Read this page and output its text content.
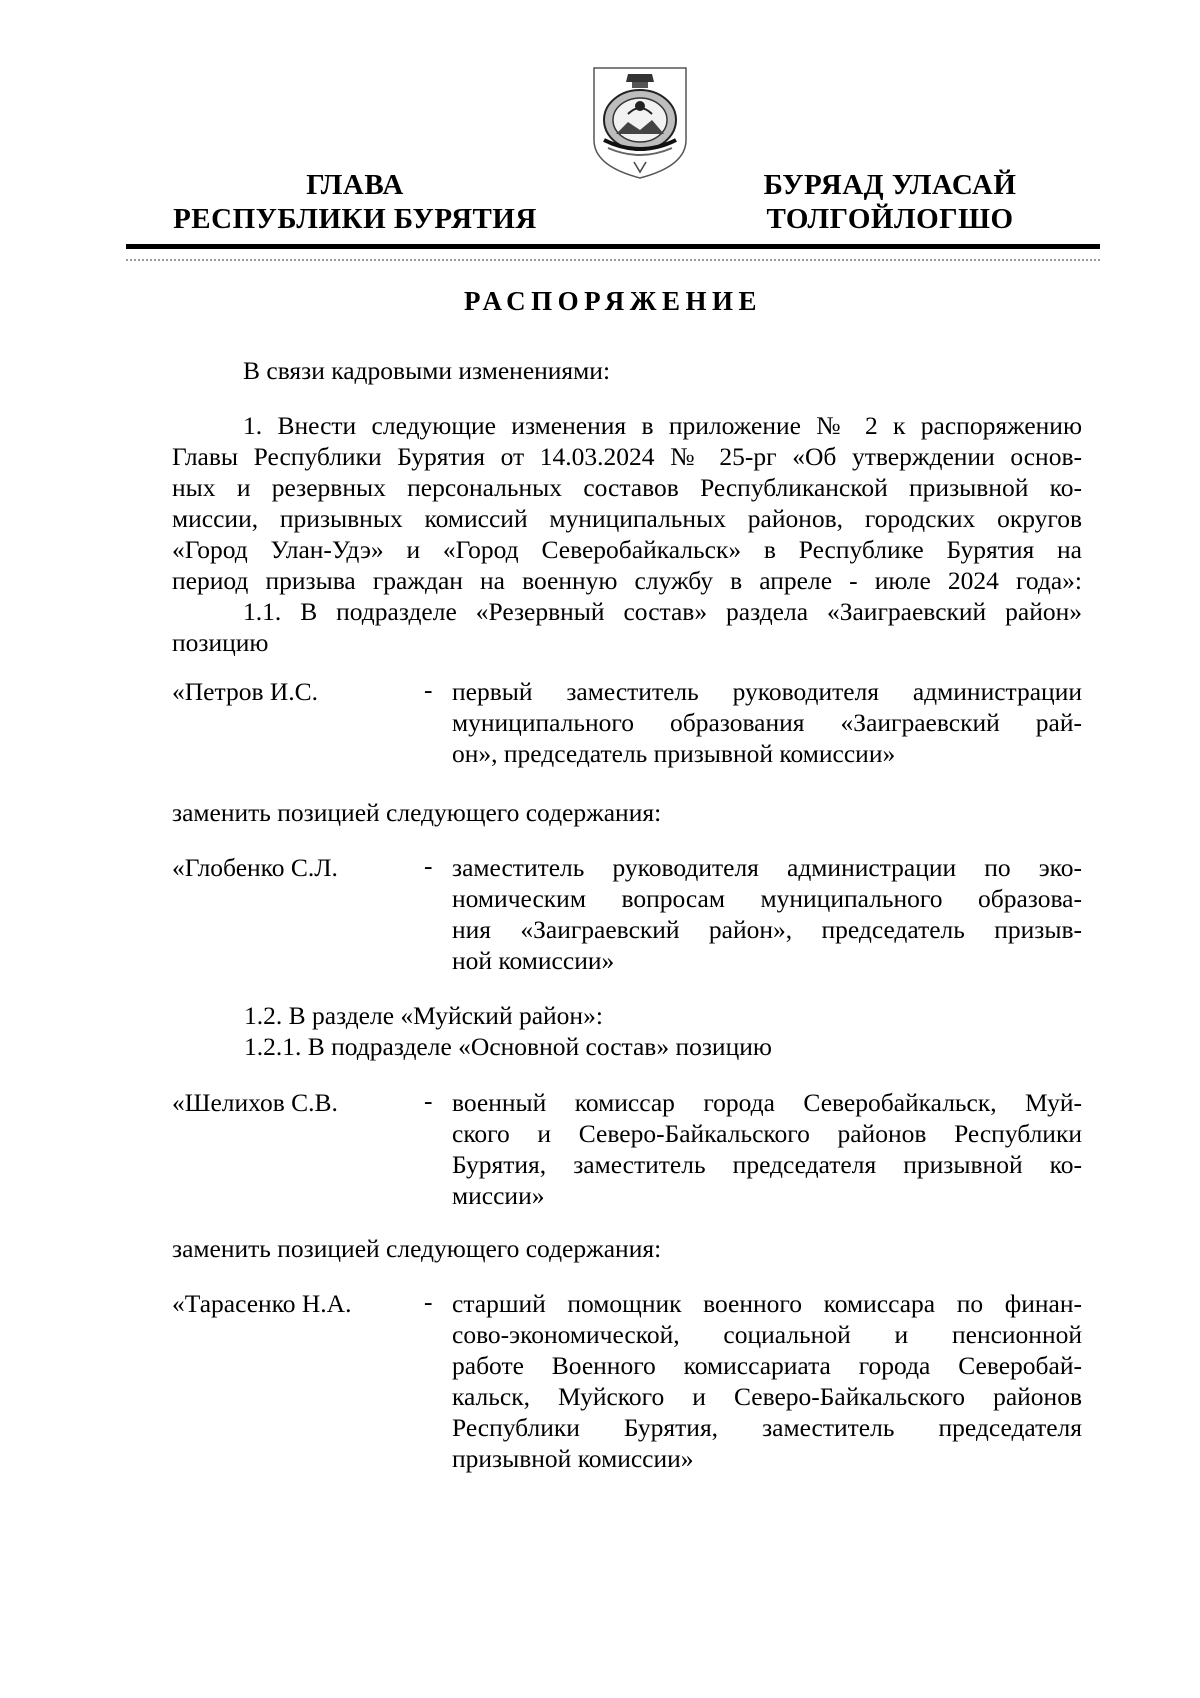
ГЛАВА
РЕСПУБЛИКИ БУРЯТИЯ
БУРЯАД УЛАСАЙ
ТОЛГОЙЛОГШО
РАСПОРЯЖЕНИЕ

В связи кадровыми изменениями:

1. Внести следующие изменения в приложение № 2 к распоряжению
Главы Республики Бурятия от 14.03.2024 № 25-рг «Об утверждении основ-
ных и резервных персональных составов Республиканской призывной ко-
миссии, призывных комиссий муниципальных районов, городских округов
«Город Улан-Удэ» и «Город Северобайкальск» в Республике Бурятия на
период призыва граждан на военную службу в апреле - июле 2024 года»:
1.1. В подразделе «Резервный состав» раздела «Заиграевский район»
позицию
«Петров И.С.	- первый заместитель руководителя администрации
муниципального образования «Заиграевский рай-
он», председатель призывной комиссии»
заменить позицией следующего содержания:
«Глобенко С.Л.	- заместитель руководителя администрации по эко-
номическим вопросам муниципального образова-
ния «Заиграевский район», председатель призыв-
ной комиссии»
1.2. В разделе «Муйский район»:
1.2.1. В подразделе «Основной состав» позицию
«Шелихов С.В.	- военный комиссар города Северобайкальск, Муй-
ского и Северо-Байкальского районов Республики
Бурятия, заместитель председателя призывной ко-
миссии»
заменить позицией следующего содержания:
«Тарасенко Н.А.	- старший помощник военного комиссара по финан-
сово-экономической, социальной и пенсионной
работе Военного комиссариата города Северобай-
кальск, Муйского и Северо-Байкальского районов
Республики Бурятия, заместитель председателя
призывной комиссии»
